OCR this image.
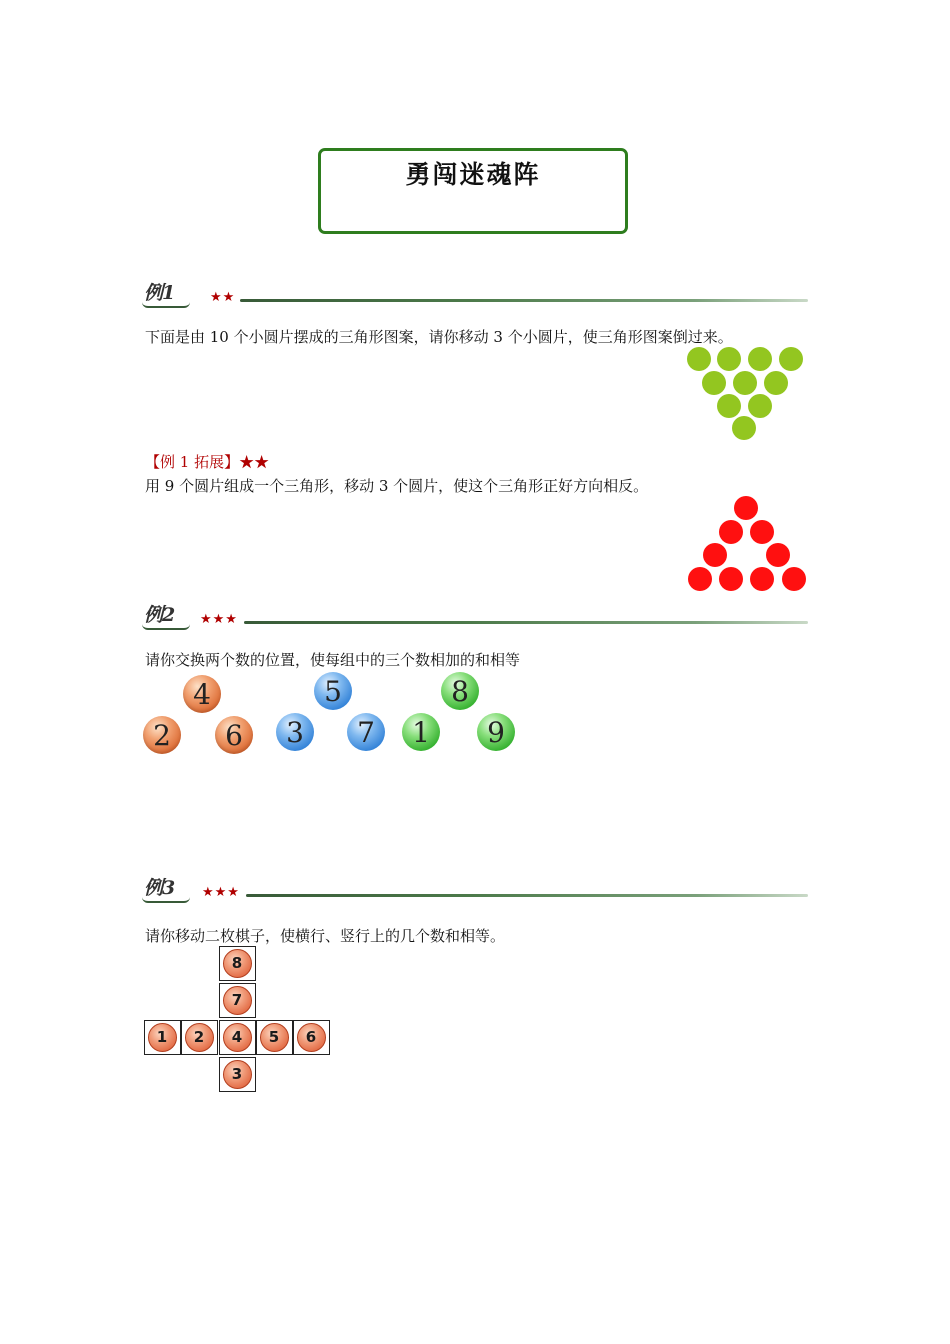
勇闯迷魂阵
例1	★★
下面是由 10 个小圆片摆成的三角形图案，请你移动 3 个小圆片，使三角形图案倒过来。
【例 1 拓展】★★
用 9 个圆片组成一个三角形，移动 3 个圆片，使这个三角形正好方向相反。
例2 ★★★
请你交换两个数的位置，使每组中的三个数相加的和相等
4
2	6
5
3	7
8
1	9
例3 ★★★
请你移动二枚棋子，使横行、竖行上的几个数和相等。
8
7
1	2	4	5	6
3
